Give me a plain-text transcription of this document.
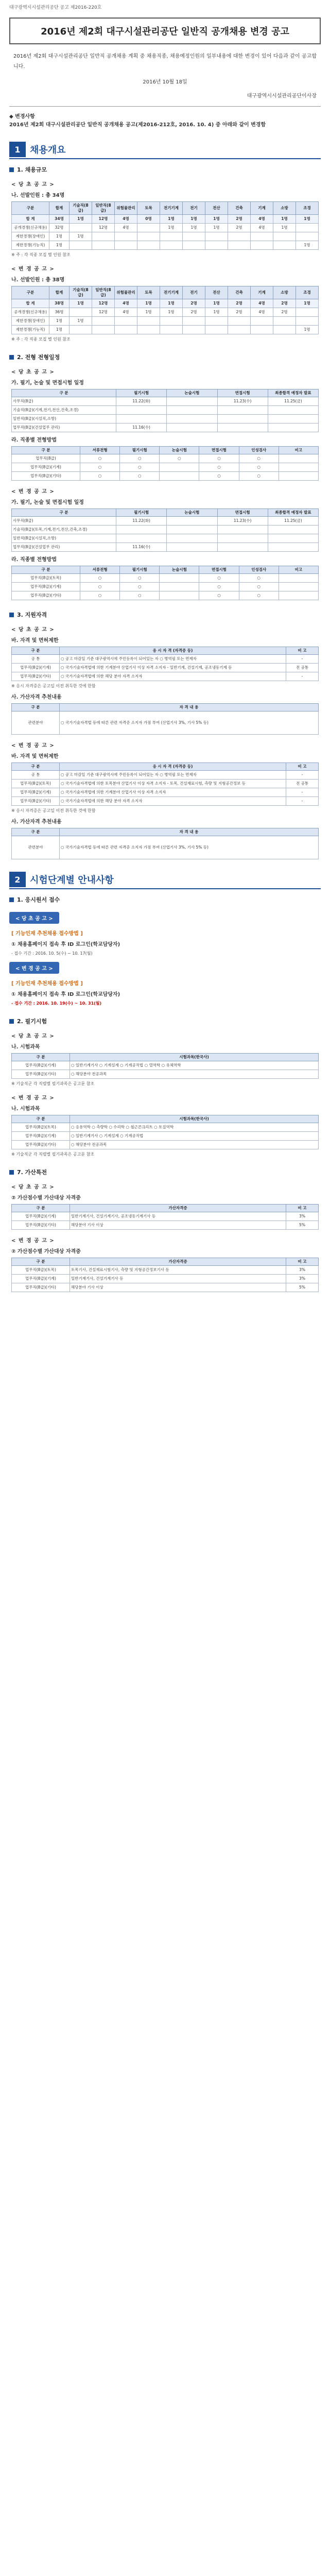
대구광역시시설관리공단 공고 제2016-220호
2016년 제2회 대구시설관리공단 일반직 공개채용 변경 공고
2016년 제2회 대구시설관리공단 일반직 공개채용 계획 중 채용직종, 채용예정인원의 일부내용에 대한 변경이 있어 다음과 같이 공고합니다.
2016년 10월 18일
대구광역시시설관리공단이사장
◆ 변경사항
2016년 제2회 대구시설관리공단 일반직 공개채용 공고(제2016-212호, 2016. 10. 4) 중 아래와 같이 변경함
1	채용개요
1. 채용규모
< 당 초 공 고 >
나. 선발인원 : 총 34명
구분	합계	기술직(8급)	일반직(8급)	위험물관리	토목	전기기계	전기	전산	건축	기계	소방	조경
합 계	34명	1명	12명	4명	0명	1명	1명	1명	2명	4명	1명	1명
공개경쟁(신규채용)	32명		12명	4명		1명	1명	1명	2명	4명	1명	
제한경쟁(장애인)	1명	1명										
제한경쟁(기능직)	1명											1명
※ 주 : 각 직종 모집 별 인원 참조
< 변 경 공 고 >
나. 선발인원 : 총 38명
구분	합계	기술직(8급)	일반직(8급)	위험물관리	토목	전기기계	전기	전산	건축	기계	소방	조경
합 계	38명	1명	12명	4명	1명	1명	2명	1명	2명	4명	2명	1명
공개경쟁(신규채용)	36명		12명	4명	1명	1명	2명	1명	2명	4명	2명	
제한경쟁(장애인)	1명	1명										
제한경쟁(기능직)	1명											1명
※ 주 : 각 직종 모집 별 인원 참조
2. 전형 전형일정
< 당 초 공 고 >
가. 필기, 논술 및 면접시험 일정
구 분	필기시험	논술시험	면접시험	최종합격 예정자 발표
사무직(8급)	11.22(화)		11.23(수)	11.25(금)
기술직(8급)(기계,전기,전산,건축,조경)				
일반직(8급)(시설직,소방)				
업무직(8급)(건설업무 관리)	11.16(수)			
라. 직종별 전형방법
구 분	서류전형	필기시험	논술시험	면접시험	인성검사	비고
업무직(8급)	○	○	○	○	○	
업무직(8급)(기계)	○	○		○	○	
업무직(8급)(기타)	○	○		○	○	
< 변 경 공 고 >
가. 필기, 논술 및 면접시험 일정
구 분	필기시험	논술시험	면접시험	최종합격 예정자 발표
사무직(8급)	11.22(화)		11.23(수)	11.25(금)
기술직(8급)(토목,기계,전기,전산,건축,조경)				
일반직(8급)(시설직,소방)				
업무직(8급)(건설업무 관리)	11.16(수)			
라. 직종별 전형방법
구 분	서류전형	필기시험	논술시험	면접시험	인성검사	비고
업무직(8급)(토목)	○	○		○	○	
업무직(8급)(기계)	○	○		○	○	
업무직(8급)(기타)	○	○		○	○	
3. 지원자격
< 당 초 공 고 >
바. 자격 및 면허제한
구 분	응 시 자 격 (자격증 등)	비 고
공 통	○ 공고 마감일 기준 대구광역시에 주민등록이 되어있는 자 ○ 병역필 또는 면제자	-
업무직(8급)(기계)	○ 국가기술자격법에 의한 기계분야 산업기사 이상 자격 소지자 - 일반기계, 건설기계, 공조냉동기계 등	전 공통
업무직(8급)(기타)	○ 국가기술자격법에 의한 해당 분야 자격 소지자	-
※ 응시 자격증은 공고일 이전 취득한 것에 한함
사. 가산자격 추천내용
구 분	자 격 내 용
관련분야	○ 국가기술자격법 등에 따른 관련 자격증 소지자 가점 부여 (산업기사 3%, 기사 5% 등)
< 변 경 공 고 >
바. 자격 및 면허제한
구 분	응 시 자 격 (자격증 등)	비 고
공 통	○ 공고 마감일 기준 대구광역시에 주민등록이 되어있는 자 ○ 병역필 또는 면제자	-
업무직(8급)(토목)	○ 국가기술자격법에 의한 토목분야 산업기사 이상 자격 소지자 - 토목, 건설재료시험, 측량 및 지형공간정보 등	전 공통
업무직(8급)(기계)	○ 국가기술자격법에 의한 기계분야 산업기사 이상 자격 소지자	-
업무직(8급)(기타)	○ 국가기술자격법에 의한 해당 분야 자격 소지자	-
※ 응시 자격증은 공고일 이전 취득한 것에 한함
사. 가산자격 추천내용
구 분	자 격 내 용
관련분야	○ 국가기술자격법 등에 따른 관련 자격증 소지자 가점 부여 (산업기사 3%, 기사 5% 등)
2	시험단계별 안내사항
1. 응시원서 접수
< 당 초 공 고 >
[ 기능인재 추천채용 접수방법 ]
① 채용홈페이지 접속 후 ID 로그인(학교담당자)
- 접수 기간 : 2016. 10. 5(수) ~ 10. 17(월)
< 변 경 공 고 >
[ 기능인재 추천채용 접수방법 ]
① 채용홈페이지 접속 후 ID 로그인(학교담당자)
- 접수 기간 : 2016. 10. 19(수) ~ 10. 31(월)
2. 필기시험
< 당 초 공 고 >
나. 시험과목
구 분	시험과목(한국사)
업무직(8급)(기계)	○ 일반기계기사 ○ 기계설계 ○ 기계공작법 ○ 열역학 ○ 유체역학
업무직(8급)(기타)	○ 해당분야 전공과목
※ 기술직군 각 직렬별 필기과목은 공고문 참조
< 변 경 공 고 >
나. 시험과목
구 분	시험과목(한국사)
업무직(8급)(토목)	○ 응용역학 ○ 측량학 ○ 수리학 ○ 철근콘크리트 ○ 토질역학
업무직(8급)(기계)	○ 일반기계기사 ○ 기계설계 ○ 기계공작법
업무직(8급)(기타)	○ 해당분야 전공과목
※ 기술직군 각 직렬별 필기과목은 공고문 참조
7. 가산특전
< 당 초 공 고 >
② 가산점수별 가산대상 자격증
구 분	가산자격증	비 고
업무직(8급)(기계)	일반기계기사, 건설기계기사, 공조냉동기계기사 등	3%
업무직(8급)(기타)	해당분야 기사 이상	5%
< 변 경 공 고 >
② 가산점수별 가산대상 자격증
구 분	가산자격증	비 고
업무직(8급)(토목)	토목기사, 건설재료시험기사, 측량 및 지형공간정보기사 등	3%
업무직(8급)(기계)	일반기계기사, 건설기계기사 등	3%
업무직(8급)(기타)	해당분야 기사 이상	5%
